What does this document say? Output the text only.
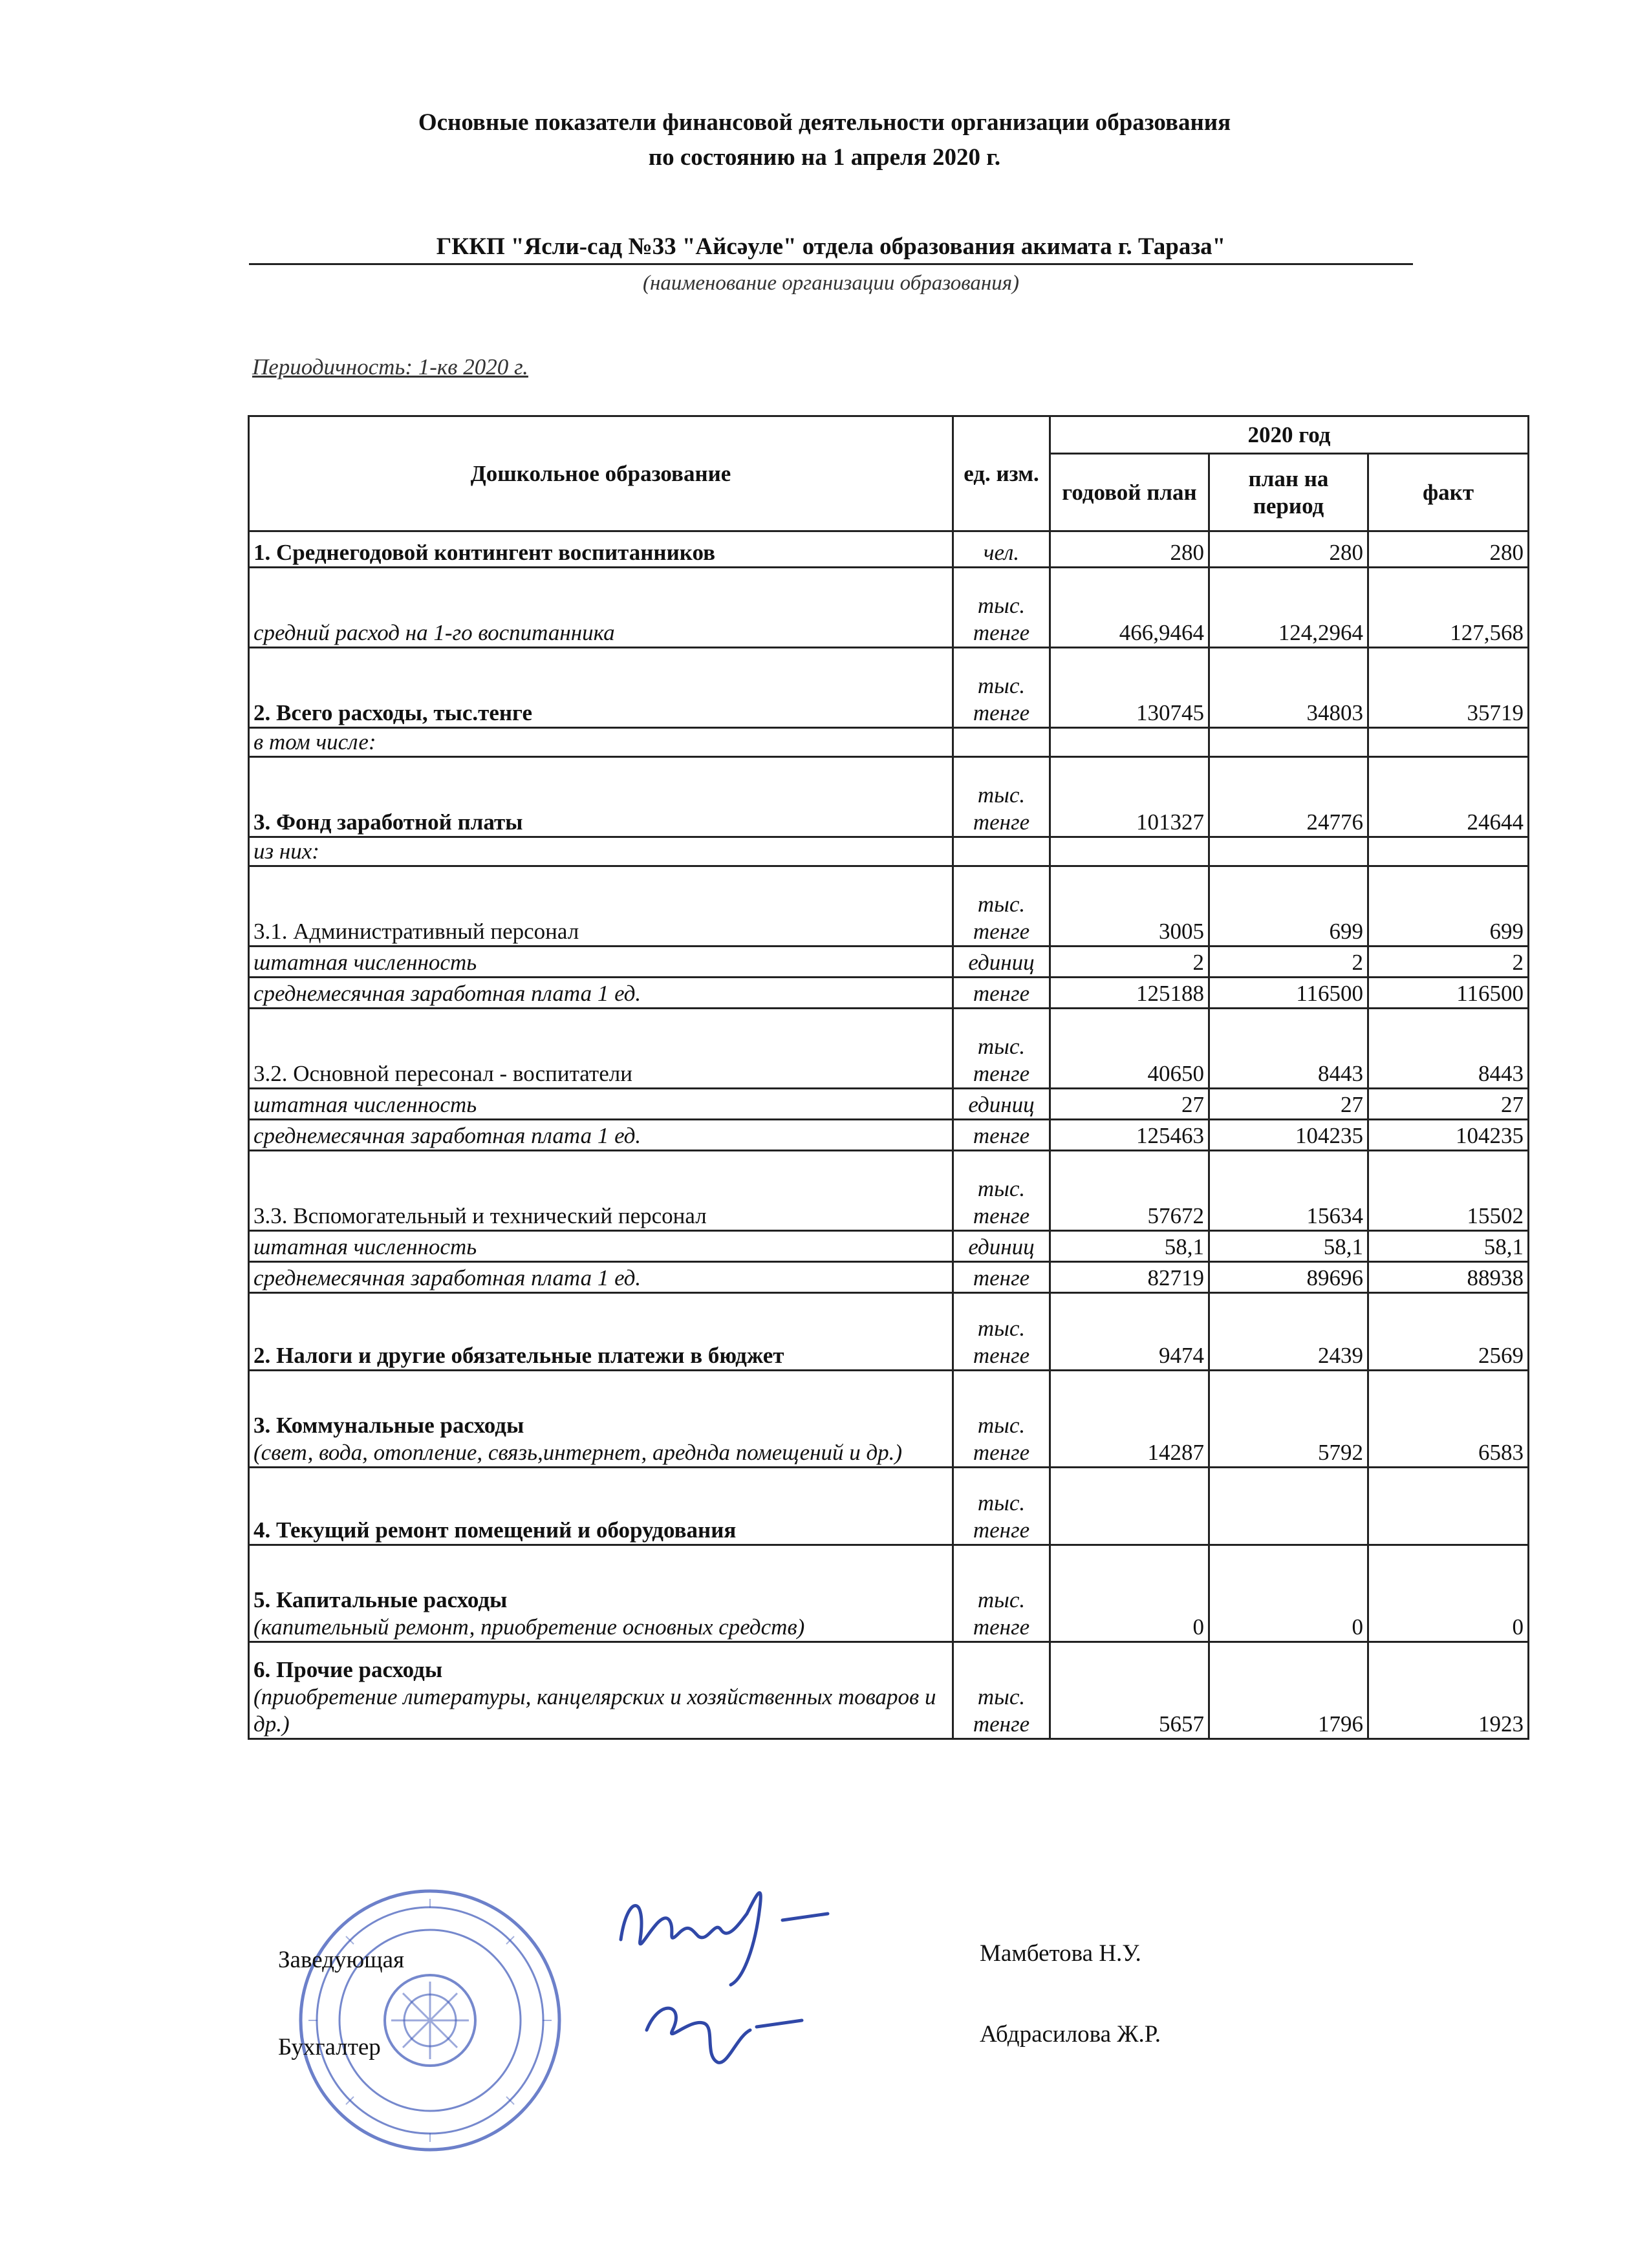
Основные показатели финансовой деятельности организации образования
по состоянию на 1 апреля 2020 г.
ГККП "Ясли-сад №33 "Айсәуле" отдела образования акимата г. Тараза"
(наименование организации образования)
Периодичность: 1-кв 2020 г.
Дошкольное образование	ед. изм.	2020 год		
		годовой план	план на период	факт
1. Среднегодовой контингент воспитанников	чел.	280	280	280
средний расход на 1-го воспитанника	тыс. тенге	466,9464	124,2964	127,568
2. Всего расходы, тыс.тенге	тыс. тенге	130745	34803	35719
в том числе:				
3. Фонд заработной платы	тыс. тенге	101327	24776	24644
из них:				
3.1. Административный персонал	тыс. тенге	3005	699	699
штатная численность	единиц	2	2	2
среднемесячная заработная плата 1 ед.	тенге	125188	116500	116500
3.2. Основной пересонал - воспитатели	тыс. тенге	40650	8443	8443
штатная численность	единиц	27	27	27
среднемесячная заработная плата 1 ед.	тенге	125463	104235	104235
3.3. Вспомогательный и технический персонал	тыс. тенге	57672	15634	15502
штатная численность	единиц	58,1	58,1	58,1
среднемесячная заработная плата 1 ед.	тенге	82719	89696	88938
2. Налоги и другие обязательные платежи в бюджет	тыс. тенге	9474	2439	2569
3. Коммунальные расходы
(свет, вода, отопление, связь,интернет, ареднда помещений и др.)	тыс. тенге	14287	5792	6583
4. Текущий ремонт помещений и оборудования	тыс. тенге			
5. Капитальные расходы
(капительный ремонт, приобретение основных средств)	тыс. тенге	0	0	0
6. Прочие расходы
(приобретение литературы, канцелярских и хозяйственных товаров и др.)	тыс. тенге	5657	1796	1923
Заведующая	Мамбетова Н.У.
Бухгалтер	Абдрасилова Ж.Р.
